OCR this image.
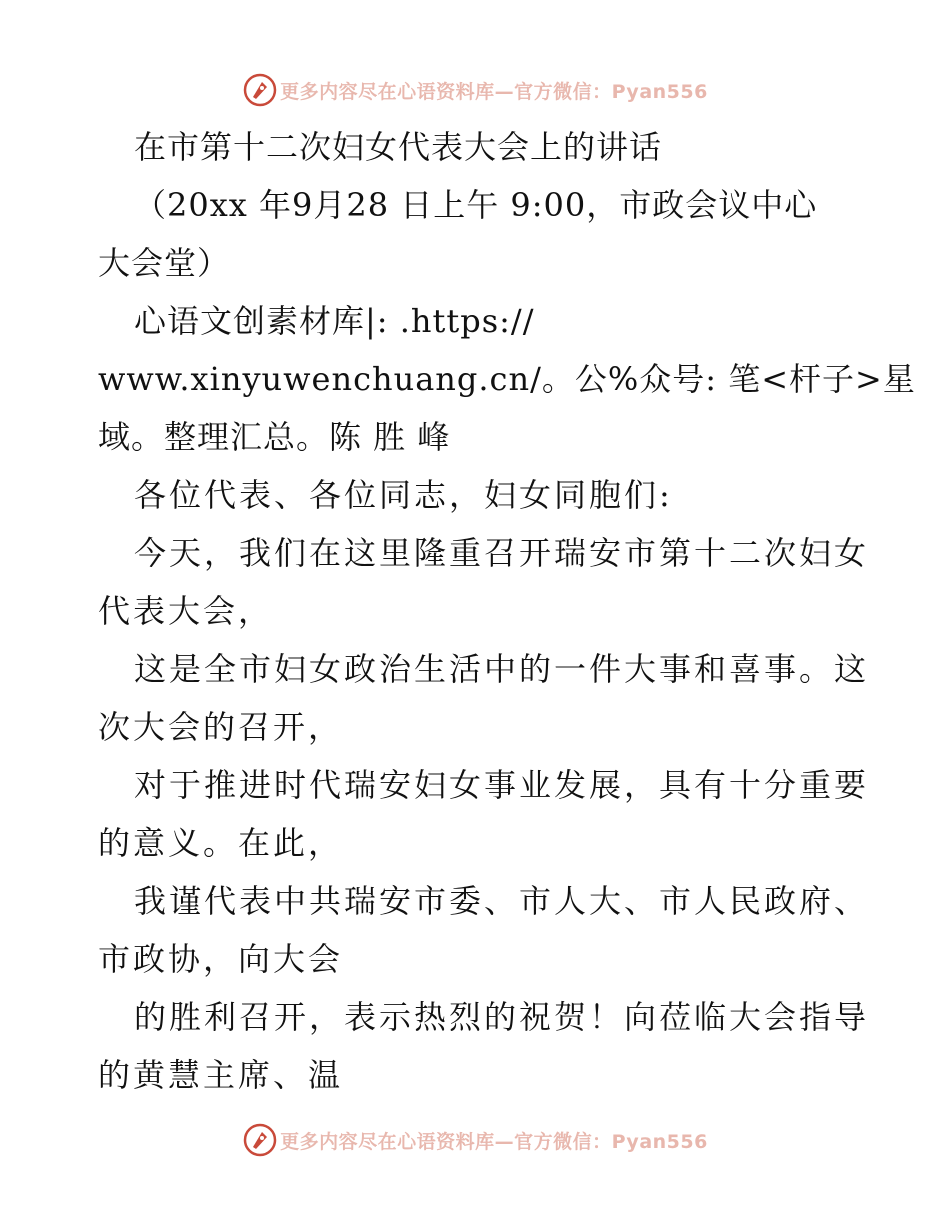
更多内容尽在心语资料库—官方微信：Pyan556
在市第十二次妇女代表大会上的讲话
（20xx 年9月28 日上午 9:00，市政会议中心
大会堂）
心语文创素材库|: .https://
www.xinyuwenchuang.cn/。公%众号: 笔<杆子>星
域。整理汇总。陈 胜 峰
各位代表、各位同志，妇女同胞们:
今天，我们在这里隆重召开瑞安市第十二次妇女
代表大会，
这是全市妇女政治生活中的一件大事和喜事。这
次大会的召开，
对于推进时代瑞安妇女事业发展，具有十分重要
的意义。在此，
我谨代表中共瑞安市委、市人大、市人民政府、
市政协，向大会
的胜利召开，表示热烈的祝贺！向莅临大会指导
的黄慧主席、温
更多内容尽在心语资料库—官方微信：Pyan556
